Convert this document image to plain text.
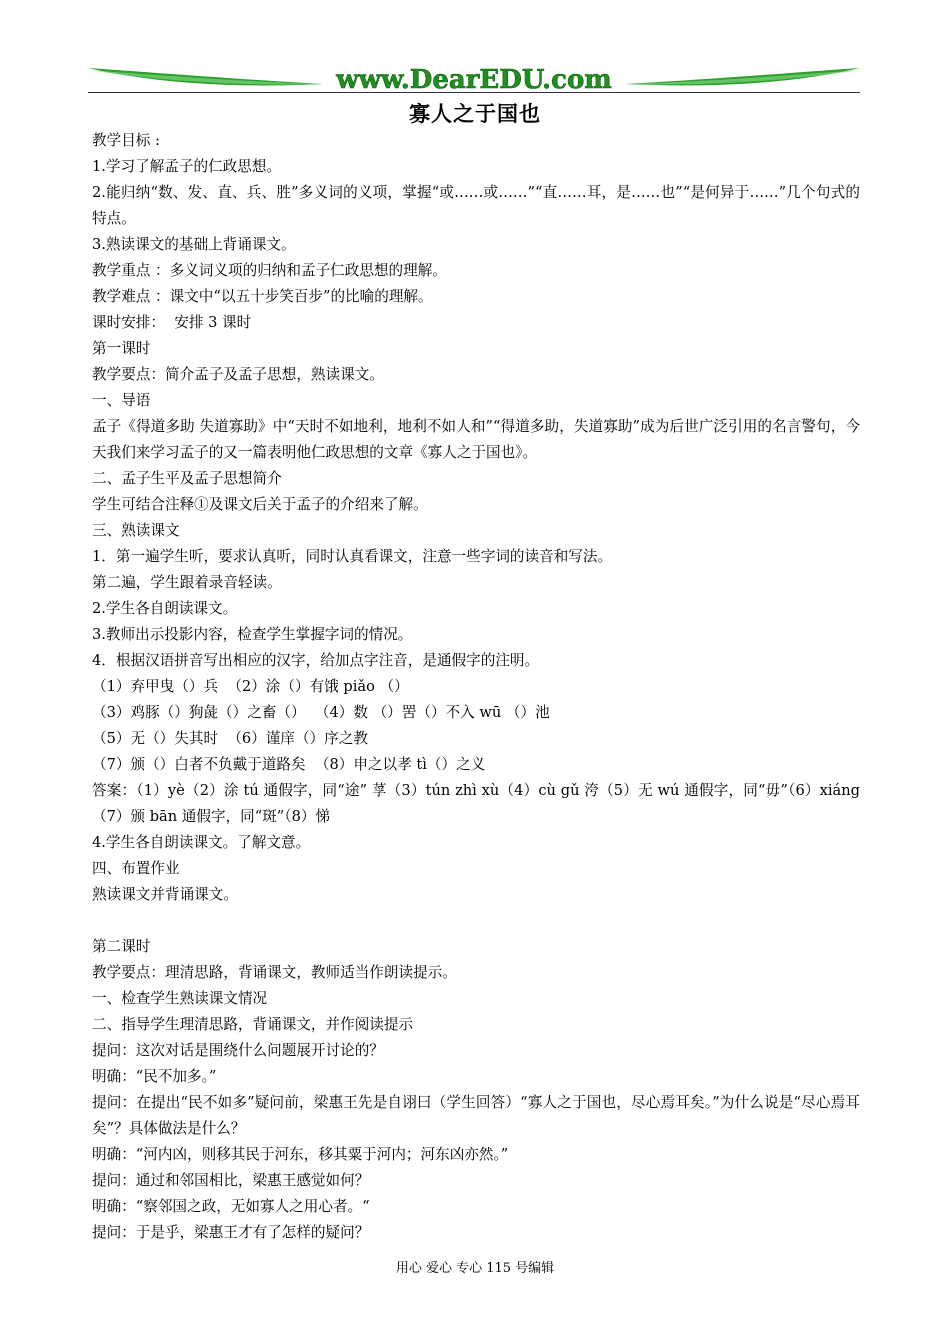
www.DearEDU.com
寡人之于国也

教学目标 :

1.学习了解孟子的仁政思想。

2.能归纳“数、发、直、兵、胜”多义词的义项，掌握“或……或……”“直……耳，是……也”“是何异于……”几个句式的特点。

3.熟读课文的基础上背诵课文。

教学重点 ：多义词义项的归纳和孟子仁政思想的理解。

教学难点 ：课文中“以五十步笑百步”的比喻的理解。

课时安排：  安排 3 课时

第一课时

教学要点：简介孟子及孟子思想，熟读课文。

一、导语

孟子《得道多助 失道寡助》中“天时不如地利，地利不如人和”“得道多助，失道寡助”成为后世广泛引用的名言警句，今天我们来学习孟子的又一篇表明他仁政思想的文章《寡人之于国也》。

二、孟子生平及孟子思想简介

学生可结合注释①及课文后关于孟子的介绍来了解。

三、熟读课文

1．第一遍学生听，要求认真听，同时认真看课文，注意一些字词的读音和写法。

第二遍，学生跟着录音轻读。

2.学生各自朗读课文。

3.教师出示投影内容，检查学生掌握字词的情况。

4．根据汉语拼音写出相应的汉字，给加点字注音，是通假字的注明。

（1）弃甲曳（）兵  （2）涂（）有饿 piǎo （）

（3）鸡豚（）狗彘（）之畜（）  （4）数 （）罟（）不入 wū （）池

（5）无（）失其时  （6）谨庠（）序之教

（7）颁（）白者不负戴于道路矣  （8）申之以孝 tì（）之义

答案：（1）yè（2）涂 tú 通假字，同“途” 莩（3）tún zhì xù（4）cù gǔ 洿（5）无 wú 通假字，同“毋”（6）xiáng（7）颁 bān 通假字，同“斑”（8）悌

4.学生各自朗读课文。了解文意。

四、布置作业

熟读课文并背诵课文。

第二课时

教学要点：理清思路，背诵课文，教师适当作朗读提示。

一、检查学生熟读课文情况

二、指导学生理清思路，背诵课文，并作阅读提示

提问：这次对话是围绕什么问题展开讨论的？

明确：“民不加多。”

提问：在提出“民不如多”疑问前，梁惠王先是自诩曰（学生回答）“寡人之于国也，尽心焉耳矣。”为什么说是“尽心焉耳矣”？具体做法是什么？

明确：“河内凶，则移其民于河东，移其粟于河内；河东凶亦然。”

提问：通过和邻国相比，梁惠王感觉如何？

明确：“察邻国之政，无如寡人之用心者。“

提问：于是乎，梁惠王才有了怎样的疑问？

用心 爱心 专心 115 号编辑
